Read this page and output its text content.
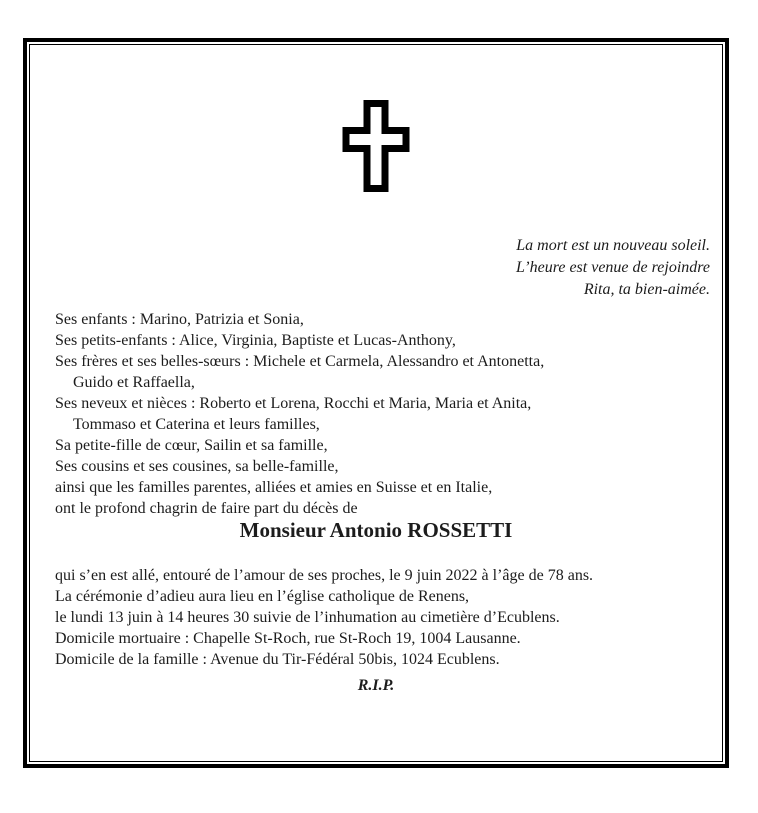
La mort est un nouveau soleil.
L’heure est venue de rejoindre
Rita, ta bien-aimée.
Ses enfants : Marino, Patrizia et Sonia,
Ses petits-enfants : Alice, Virginia, Baptiste et Lucas-Anthony,
Ses frères et ses belles-sœurs : Michele et Carmela, Alessandro et Antonetta,
Guido et Raffaella,
Ses neveux et nièces : Roberto et Lorena, Rocchi et Maria, Maria et Anita,
Tommaso et Caterina et leurs familles,
Sa petite-fille de cœur, Sailin et sa famille,
Ses cousins et ses cousines, sa belle-famille,
ainsi que les familles parentes, alliées et amies en Suisse et en Italie,
ont le profond chagrin de faire part du décès de
Monsieur Antonio ROSSETTI
qui s’en est allé, entouré de l’amour de ses proches, le 9 juin 2022 à l’âge de 78 ans.
La cérémonie d’adieu aura lieu en l’église catholique de Renens,
le lundi 13 juin à 14 heures 30 suivie de l’inhumation au cimetière d’Ecublens.
Domicile mortuaire : Chapelle St-Roch, rue St-Roch 19, 1004 Lausanne.
Domicile de la famille : Avenue du Tir-Fédéral 50bis, 1024 Ecublens.
R.I.P.
